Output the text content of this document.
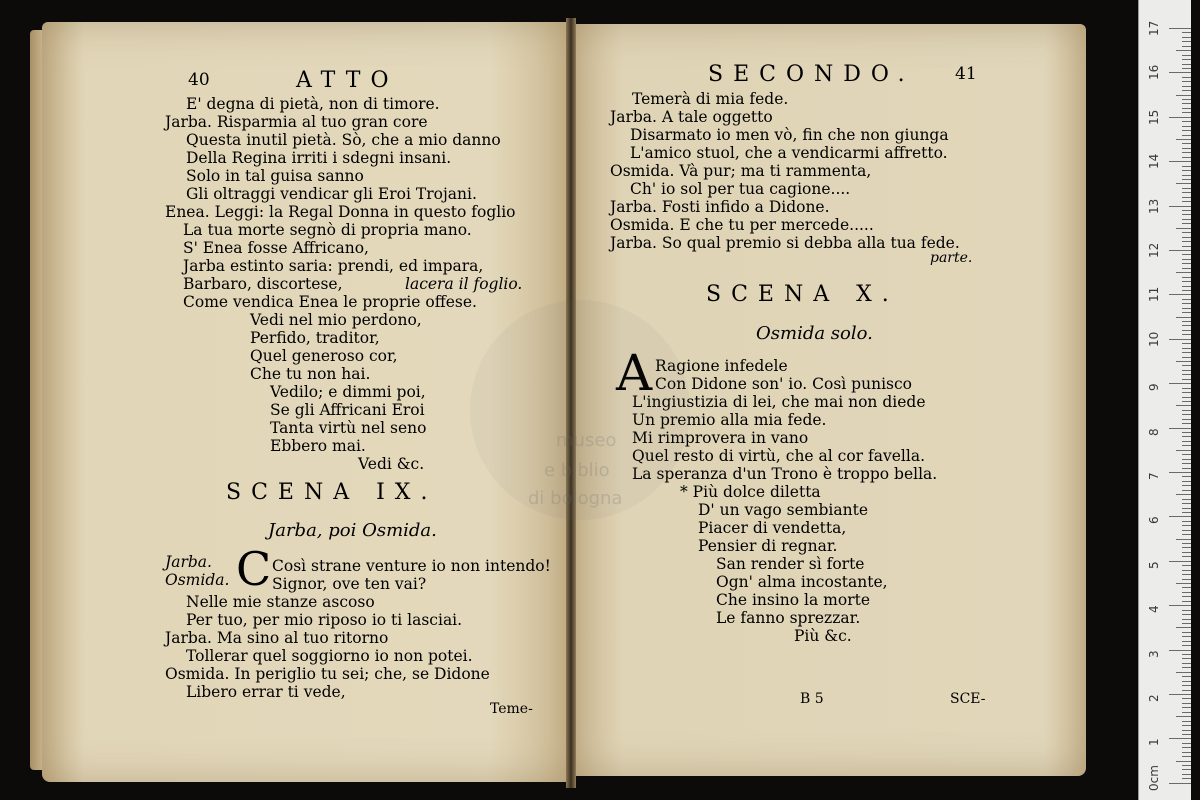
40	ATTO
lacera il foglio.
SCENA IX.
Jarba, poi Osmida.
C
Teme-
E' degna di pietà, non di timore.
Jarba. Risparmia al tuo gran core
Questa inutil pietà. Sò, che a mio danno
Della Regina irriti i sdegni insani.
Solo in tal guisa sanno
Gli oltraggi vendicar gli Eroi Trojani.
Enea. Leggi: la Regal Donna in questo foglio
La tua morte segnò di propria mano.
S' Enea fosse Affricano,
Jarba estinto saria: prendi, ed impara,
Barbaro, discortese,
Come vendica Enea le proprie offese.
Vedi nel mio perdono,
Perfido, traditor,
Quel generoso cor,
Che tu non hai.
Vedilo; e dimmi poi,
Se gli Affricani Eroi
Tanta virtù nel seno
Ebbero mai.
Vedi &c.
Jarba.	Così strane venture io non intendo!
Osmida.	Signor, ove ten vai?
Nelle mie stanze ascoso
Per tuo, per mio riposo io ti lasciai.
Jarba. Ma sino al tuo ritorno
Tollerar quel soggiorno io non potei.
Osmida. In periglio tu sei; che, se Didone
Libero errar ti vede,
SECONDO. 41
parte.
SCENA X.
Osmida solo.
A
B 5	SCE-
Temerà di mia fede.
Jarba. A tale oggetto
Disarmato io men vò, fin che non giunga
L'amico stuol, che a vendicarmi affretto.
Osmida. Và pur; ma ti rammenta,
Ch' io sol per tua cagione....
Jarba. Fosti infido a Didone.
Osmida. E che tu per mercede.....
Jarba. So qual premio si debba alla tua fede.
Ragione infedele
Con Didone son' io. Così punisco
L'ingiustizia di lei, che mai non diede
Un premio alla mia fede.
Mi rimprovera in vano
Quel resto di virtù, che al cor favella.
La speranza d'un Trono è troppo bella.
* Più dolce diletta
D' un vago sembiante
Piacer di vendetta,
Pensier di regnar.
San render sì forte
Ogn' alma incostante,
Che insino la morte
Le fanno sprezzar.
Più &c.
museo
e biblio
di bologna
17
16
15
14
13
12
11
10
9
8
7
6
5
4
3
2
1
0cm
